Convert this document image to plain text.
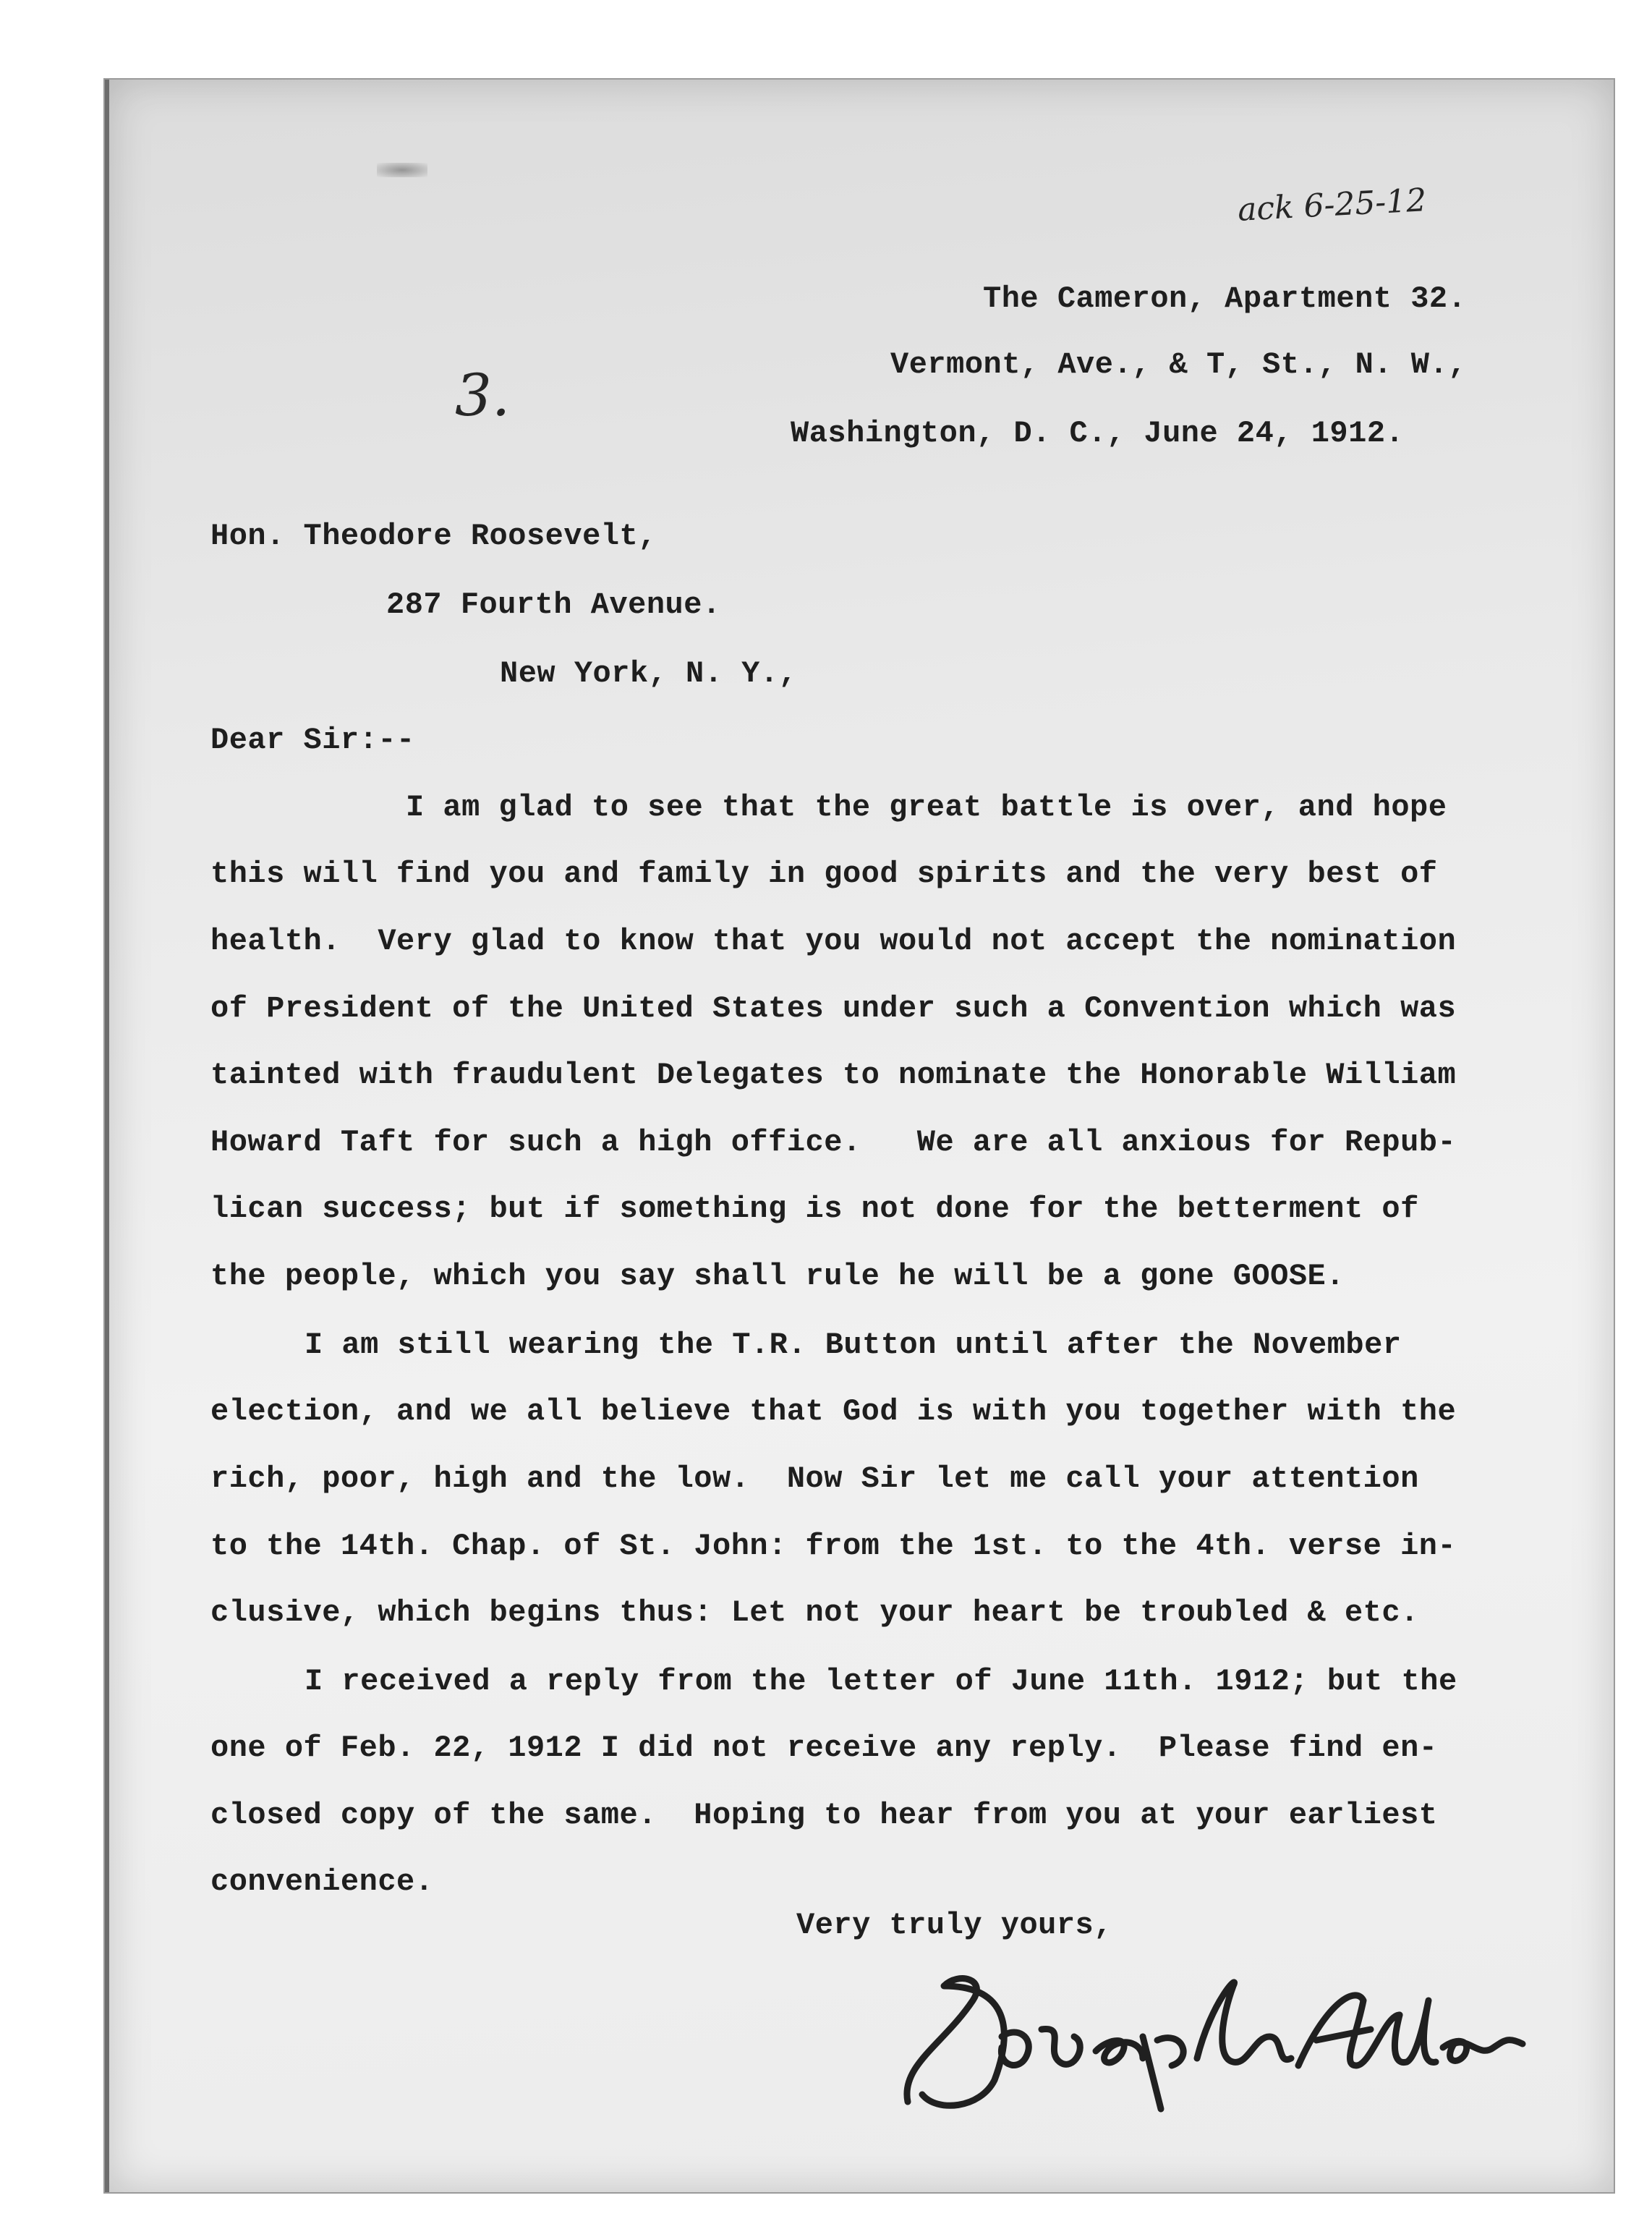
ack 6-25-12

3.

The Cameron, Apartment 32.

Vermont, Ave., & T, St., N. W.,

Washington, D. C., June 24, 1912.

Hon. Theodore Roosevelt,

287 Fourth Avenue.

New York, N. Y.,

Dear Sir:--

I am glad to see that the great battle is over, and hope

this will find you and family in good spirits and the very best of

health.  Very glad to know that you would not accept the nomination

of President of the United States under such a Convention which was

tainted with fraudulent Delegates to nominate the Honorable William

Howard Taft for such a high office.   We are all anxious for Repub-

lican success; but if something is not done for the betterment of

the people, which you say shall rule he will be a gone GOOSE.

I am still wearing the T.R. Button until after the November

election, and we all believe that God is with you together with the

rich, poor, high and the low.  Now Sir let me call your attention

to the 14th. Chap. of St. John: from the 1st. to the 4th. verse in-

clusive, which begins thus: Let not your heart be troubled & etc.

I received a reply from the letter of June 11th. 1912; but the

one of Feb. 22, 1912 I did not receive any reply.  Please find en-

closed copy of the same.  Hoping to hear from you at your earliest

convenience.

Very truly yours,
